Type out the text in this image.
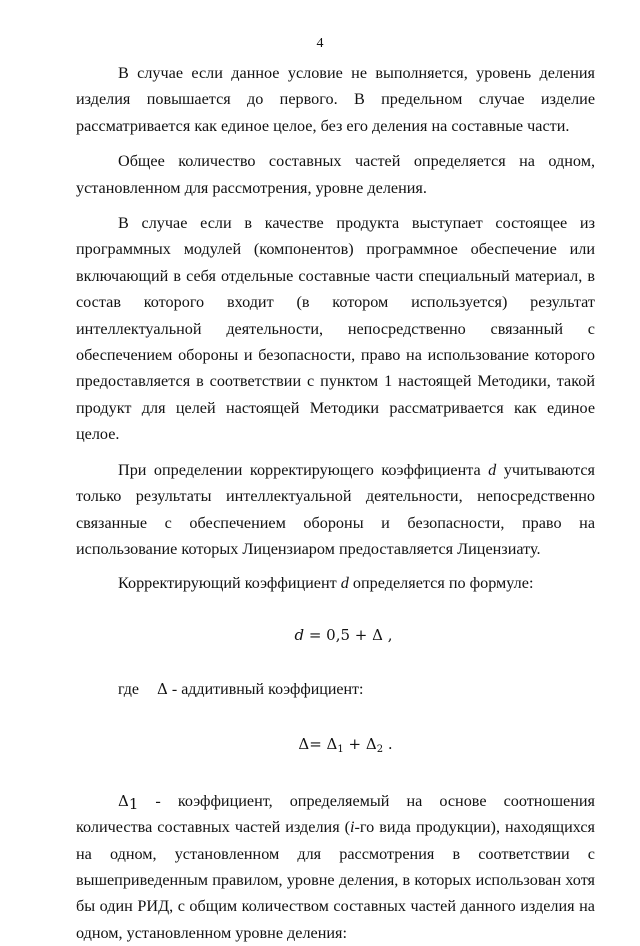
4

В случае если данное условие не выполняется, уровень деления изделия повышается до первого. В предельном случае изделие рассматривается как единое целое, без его деления на составные части.

Общее количество составных частей определяется на одном, установленном для рассмотрения, уровне деления.

В случае если в качестве продукта выступает состоящее из программных модулей (компонентов) программное обеспечение или включающий в себя отдельные составные части специальный материал, в состав которого входит (в котором используется) результат интеллектуальной деятельности, непосредственно связанный с обеспечением обороны и безопасности, право на использование которого предоставляется в соответствии с пунктом 1 настоящей Методики, такой продукт для целей настоящей Методики рассматривается как единое целое.

При определении корректирующего коэффициента d учитываются только результаты интеллектуальной деятельности, непосредственно связанные с обеспечением обороны и безопасности, право на использование которых Лицензиаром предоставляется Лицензиату.

Корректирующий коэффициент d определяется по формуле:

d = 0,5 + Δ ,
где Δ - аддитивный коэффициент:
$\Delta= \Delta_1 + \Delta_2$ .

$\Delta_1$ - коэффициент, определяемый на основе соотношения количества составных частей изделия (i-го вида продукции), находящихся на одном, установленном для рассмотрения в соответствии с вышеприведенным правилом, уровне деления, в которых использован хотя бы один РИД, с общим количеством составных частей данного изделия на одном, установленном уровне деления:
